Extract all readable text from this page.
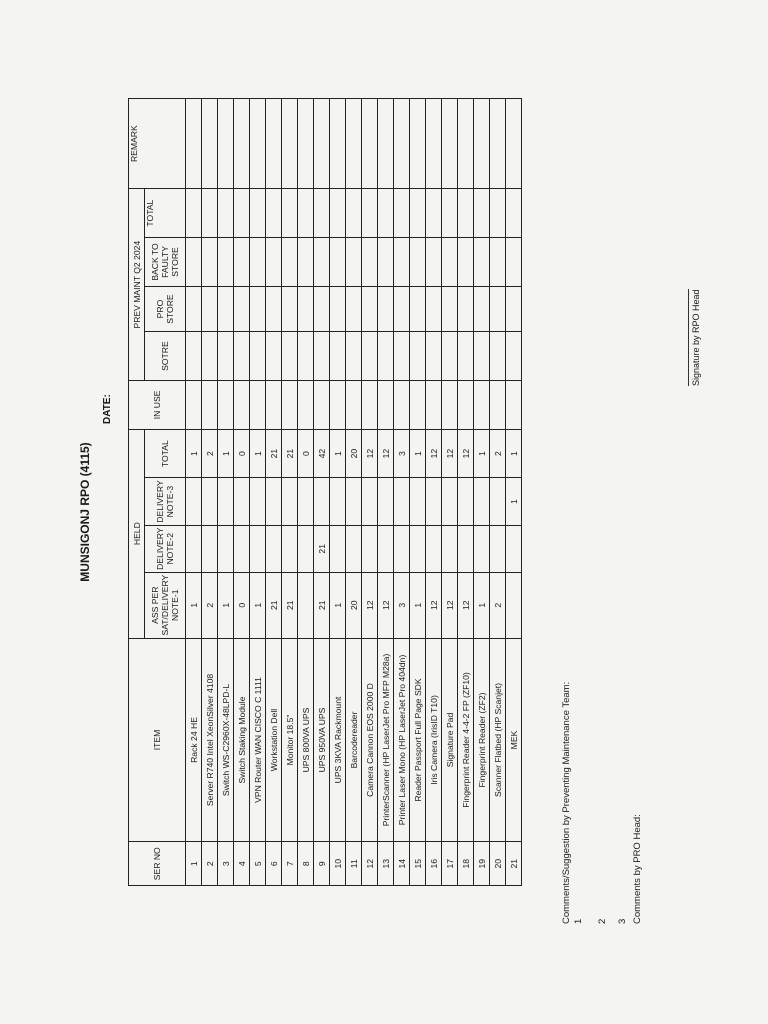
MUNSIGONJ RPO (4115)
DATE:
SER NO	ITEM	HELD				IN USE	PREV MAINT Q2 2024				REMARK
		ASS PER SAT/DELIVERY NOTE-1	DELIVERY NOTE-2	DELIVERY NOTE-3	TOTAL		SOTRE	PRO STORE	BACK TO FAULTY STORE	TOTAL	

1	Rack 24 HE	1			1						
2	Server R740 Intel XeonSilver 4108	2			2						
3	Switch WS-C2960X-48LPD-L	1			1						
4	Switch Staking Module	0			0						
5	VPN Router WAN CISCO C 1111	1			1						
6	Workstation Dell	21			21						
7	Monitor 18.5"	21			21						
8	UPS 800VA UPS				0						
9	UPS 950VA UPS	21	21		42						
10	UPS 3KVA Rackmount	1			1						
11	Barcodereader	20			20						
12	Camera Cannon EOS 2000 D	12			12						
13	PrinterScanner (HP LaserJet Pro MFP M28a)	12			12						
14	Printer Laser Mono (HP LaserJet Pro 404dn)	3			3						
15	Reader Passport Full Page SDK	1			1						
16	Iris Camera (IrisID T10)	12			12						
17	Signature Pad	12			12						
18	Fingerprint Reader 4-4-2 FP (ZF10)	12			12						
19	Fingerprint Reader (ZF2)	1			1						
20	Scanner Flatbed (HP Scanjet)	2			2						
21	MEK			1	1						
Comments/Suggestion by Preventing Maintenance Team: 1 2 3 Comments by PRO Head:
Signature by RPO Head
